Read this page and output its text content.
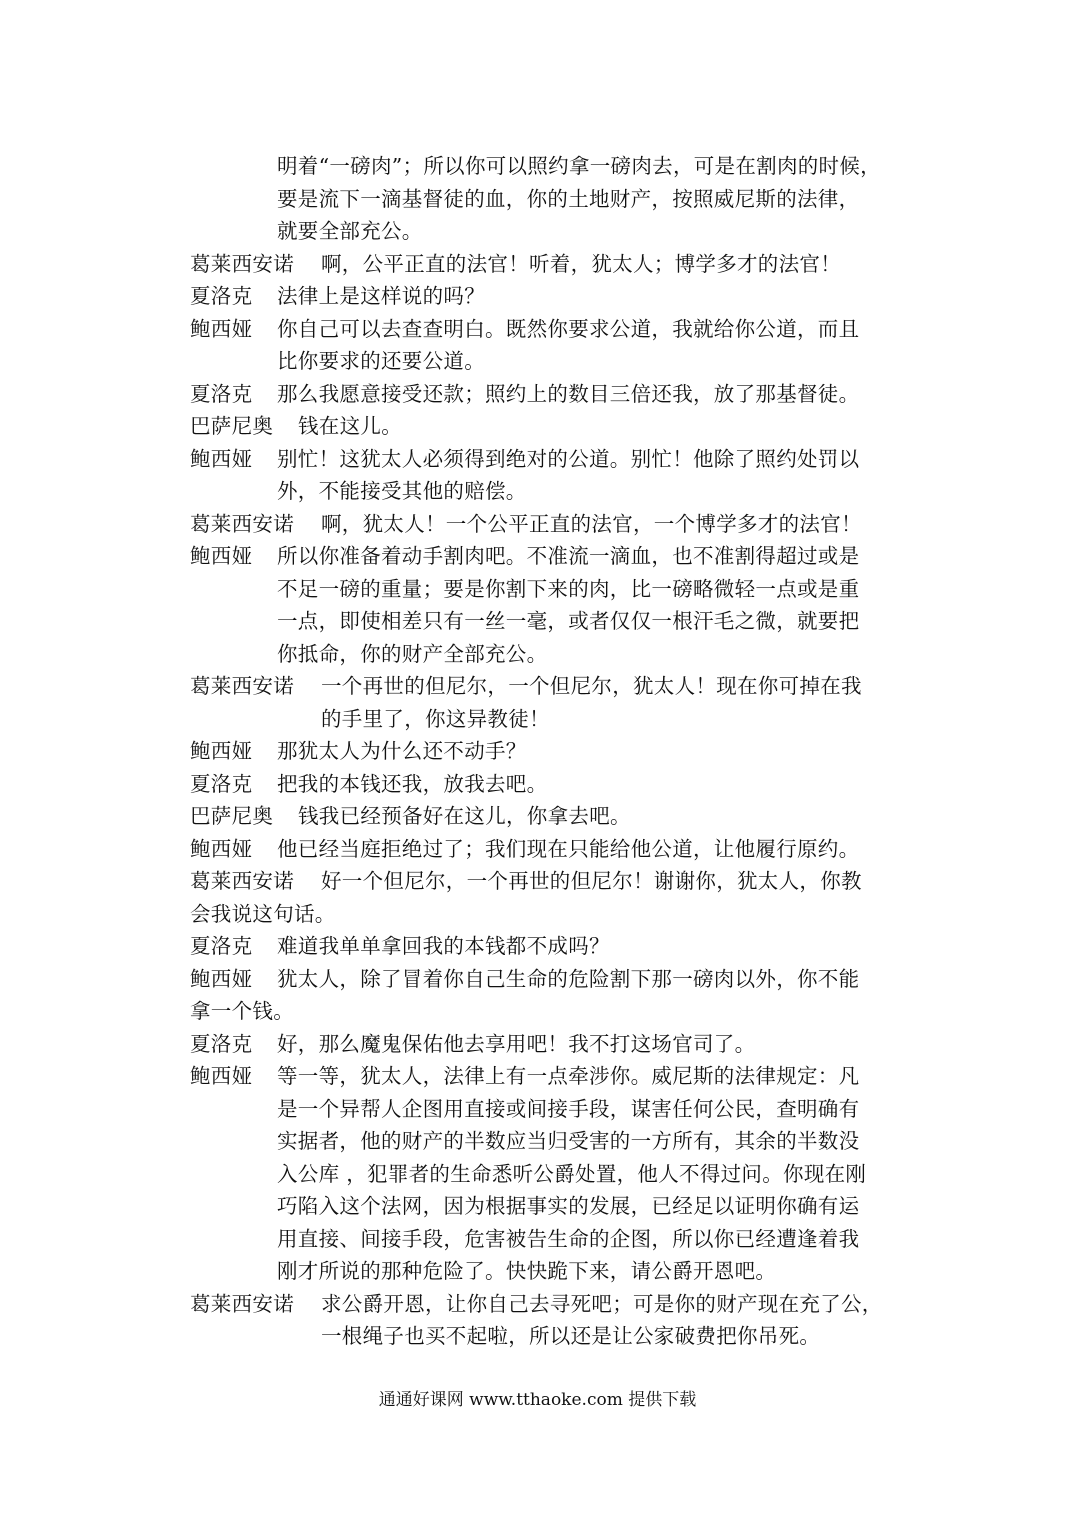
明着“一磅肉”；所以你可以照约拿一磅肉去，可是在割肉的时候，
要是流下一滴基督徒的血，你的土地财产，按照威尼斯的法律，
就要全部充公。
葛莱西安诺 啊，公平正直的法官！听着，犹太人；博学多才的法官！
夏洛克 法律上是这样说的吗？
鲍西娅 你自己可以去查查明白。既然你要求公道，我就给你公道，而且
比你要求的还要公道。
夏洛克 那么我愿意接受还款；照约上的数目三倍还我，放了那基督徒。
巴萨尼奥 钱在这儿。
鲍西娅 别忙！这犹太人必须得到绝对的公道。别忙！他除了照约处罚以
外，不能接受其他的赔偿。
葛莱西安诺 啊，犹太人！一个公平正直的法官，一个博学多才的法官！
鲍西娅 所以你准备着动手割肉吧。不准流一滴血，也不准割得超过或是
不足一磅的重量；要是你割下来的肉，比一磅略微轻一点或是重
一点，即使相差只有一丝一毫，或者仅仅一根汗毛之微，就要把
你抵命，你的财产全部充公。
葛莱西安诺 一个再世的但尼尔，一个但尼尔，犹太人！现在你可掉在我
的手里了，你这异教徒！
鲍西娅 那犹太人为什么还不动手？
夏洛克 把我的本钱还我，放我去吧。
巴萨尼奥 钱我已经预备好在这儿，你拿去吧。
鲍西娅 他已经当庭拒绝过了；我们现在只能给他公道，让他履行原约。
葛莱西安诺 好一个但尼尔，一个再世的但尼尔！谢谢你，犹太人，你教
会我说这句话。
夏洛克 难道我单单拿回我的本钱都不成吗？
鲍西娅 犹太人，除了冒着你自己生命的危险割下那一磅肉以外，你不能
拿一个钱。
夏洛克 好，那么魔鬼保佑他去享用吧！我不打这场官司了。
鲍西娅 等一等，犹太人，法律上有一点牵涉你。威尼斯的法律规定：凡
是一个异帮人企图用直接或间接手段，谋害任何公民，查明确有
实据者，他的财产的半数应当归受害的一方所有，其余的半数没
入公库 ，犯罪者的生命悉听公爵处置，他人不得过问。你现在刚
巧陷入这个法网，因为根据事实的发展，已经足以证明你确有运
用直接、间接手段，危害被告生命的企图，所以你已经遭逢着我
刚才所说的那种危险了。快快跪下来，请公爵开恩吧。
葛莱西安诺 求公爵开恩，让你自己去寻死吧；可是你的财产现在充了公，
一根绳子也买不起啦，所以还是让公家破费把你吊死。
通通好课网 www.tthaoke.com 提供下载
